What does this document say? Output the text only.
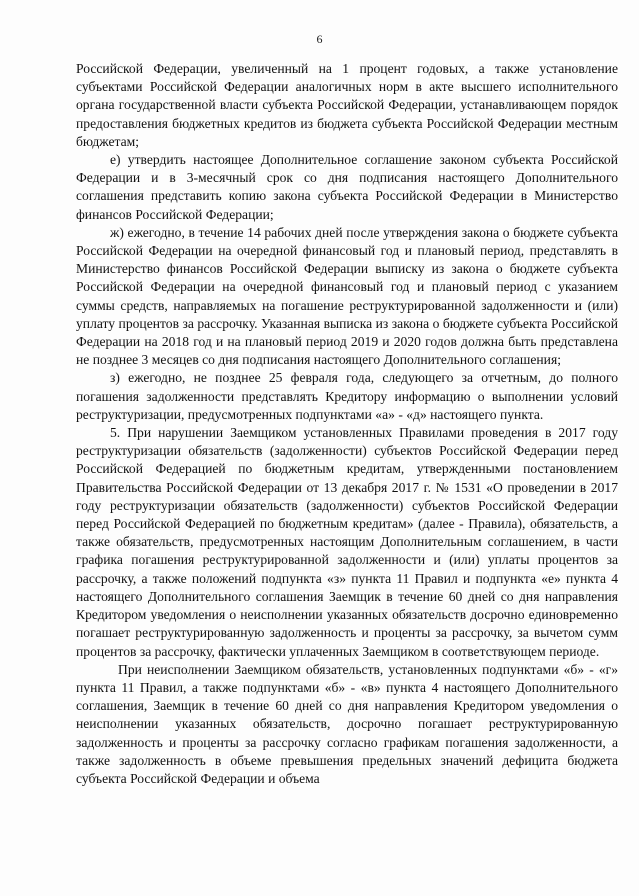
6

Российской Федерации, увеличенный на 1 процент годовых, а также установление субъектами Российской Федерации аналогичных норм в акте высшего исполнительного органа государственной власти субъекта Российской Федерации, устанавливающем порядок предоставления бюджетных кредитов из бюджета субъекта Российской Федерации местным бюджетам;

е) утвердить настоящее Дополнительное соглашение законом субъекта Российской Федерации и в 3-месячный срок со дня подписания настоящего Дополнительного соглашения представить копию закона субъекта Российской Федерации в Министерство финансов Российской Федерации;

ж) ежегодно, в течение 14 рабочих дней после утверждения закона о бюджете субъекта Российской Федерации на очередной финансовый год и плановый период, представлять в Министерство финансов Российской Федерации выписку из закона о бюджете субъекта Российской Федерации на очередной финансовый год и плановый период с указанием суммы средств, направляемых на погашение реструктурированной задолженности и (или) уплату процентов за рассрочку. Указанная выписка из закона о бюджете субъекта Российской Федерации на 2018 год и на плановый период 2019 и 2020 годов должна быть представлена не позднее 3 месяцев со дня подписания настоящего Дополнительного соглашения;

з) ежегодно, не позднее 25 февраля года, следующего за отчетным, до полного погашения задолженности представлять Кредитору информацию о выполнении условий реструктуризации, предусмотренных подпунктами «а» - «д» настоящего пункта.

5. При нарушении Заемщиком установленных Правилами проведения в 2017 году реструктуризации обязательств (задолженности) субъектов Российской Федерации перед Российской Федерацией по бюджетным кредитам, утвержденными постановлением Правительства Российской Федерации от 13 декабря 2017 г. № 1531 «О проведении в 2017 году реструктуризации обязательств (задолженности) субъектов Российской Федерации перед Российской Федерацией по бюджетным кредитам» (далее - Правила), обязательств, а также обязательств, предусмотренных настоящим Дополнительным соглашением, в части графика погашения реструктурированной задолженности и (или) уплаты процентов за рассрочку, а также положений подпункта «з» пункта 11 Правил и подпункта «е» пункта 4 настоящего Дополнительного соглашения Заемщик в течение 60 дней со дня направления Кредитором уведомления о неисполнении указанных обязательств досрочно единовременно погашает реструктурированную задолженность и проценты за рассрочку, за вычетом сумм процентов за рассрочку, фактически уплаченных Заемщиком в соответствующем периоде.

При неисполнении Заемщиком обязательств, установленных подпунктами «б» - «г» пункта 11 Правил, а также подпунктами «б» - «в» пункта 4 настоящего Дополнительного соглашения, Заемщик в течение 60 дней со дня направления Кредитором уведомления о неисполнении указанных обязательств, досрочно погашает реструктурированную задолженность и проценты за рассрочку согласно графикам погашения задолженности, а также задолженность в объеме превышения предельных значений дефицита бюджета субъекта Российской Федерации и объема
